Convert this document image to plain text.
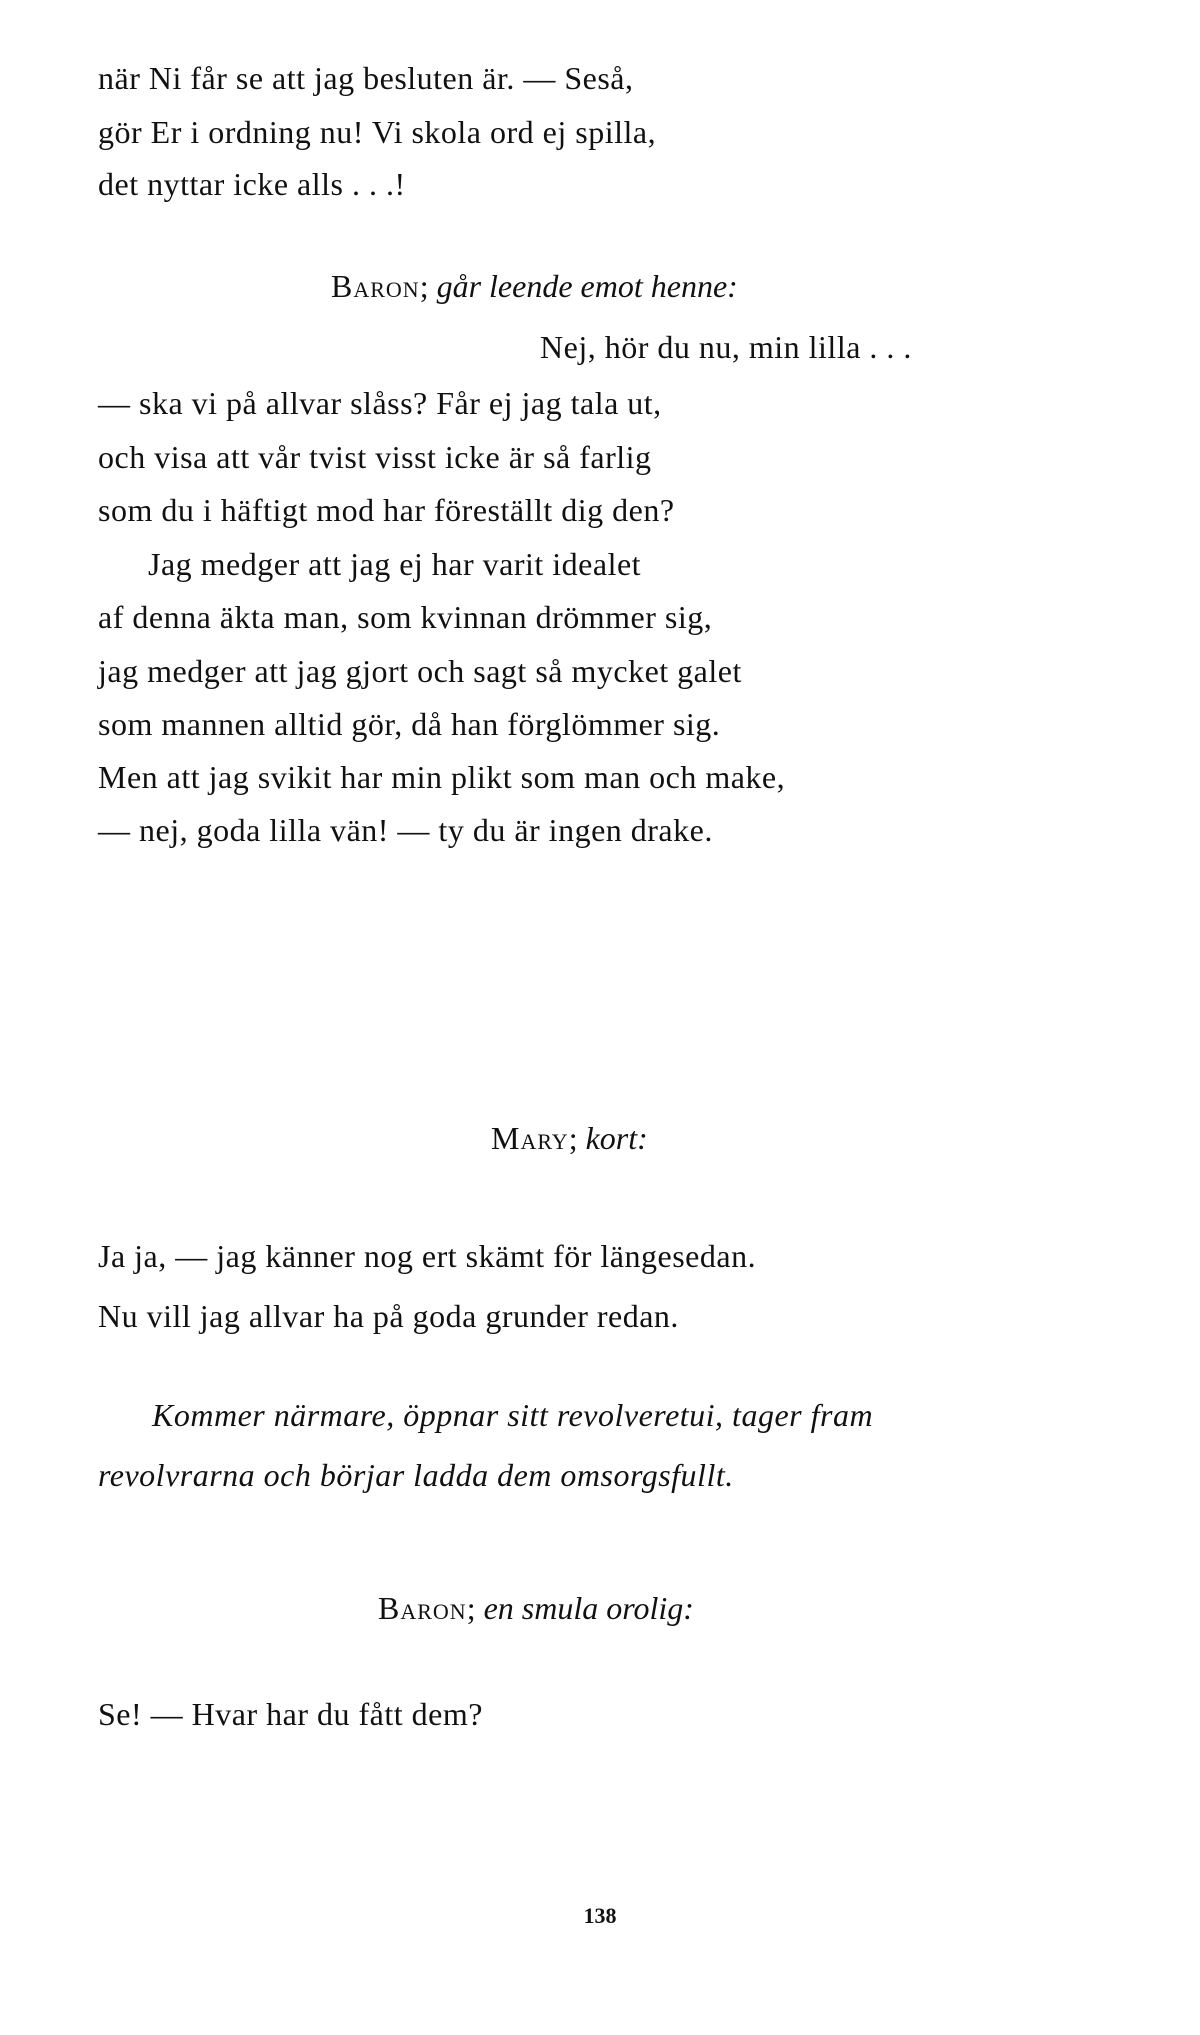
när Ni får se att jag besluten är. — Seså,

gör Er i ordning nu! Vi skola ord ej spilla,

det nyttar icke alls . . .!

Baron; går leende emot henne:

Nej, hör du nu, min lilla . . .

— ska vi på allvar slåss? Får ej jag tala ut,

och visa att vår tvist visst icke är så farlig

som du i häftigt mod har föreställt dig den?

Jag medger att jag ej har varit idealet

af denna äkta man, som kvinnan drömmer sig,

jag medger att jag gjort och sagt så mycket galet

som mannen alltid gör, då han förglömmer sig.

Men att jag svikit har min plikt som man och make,

— nej, goda lilla vän! — ty du är ingen drake.

Mary; kort:

Ja ja, — jag känner nog ert skämt för längesedan.

Nu vill jag allvar ha på goda grunder redan.

Kommer närmare, öppnar sitt revolveretui, tager fram

revolvrarna och börjar ladda dem omsorgsfullt.

Baron; en smula orolig:

Se! — Hvar har du fått dem?

138
